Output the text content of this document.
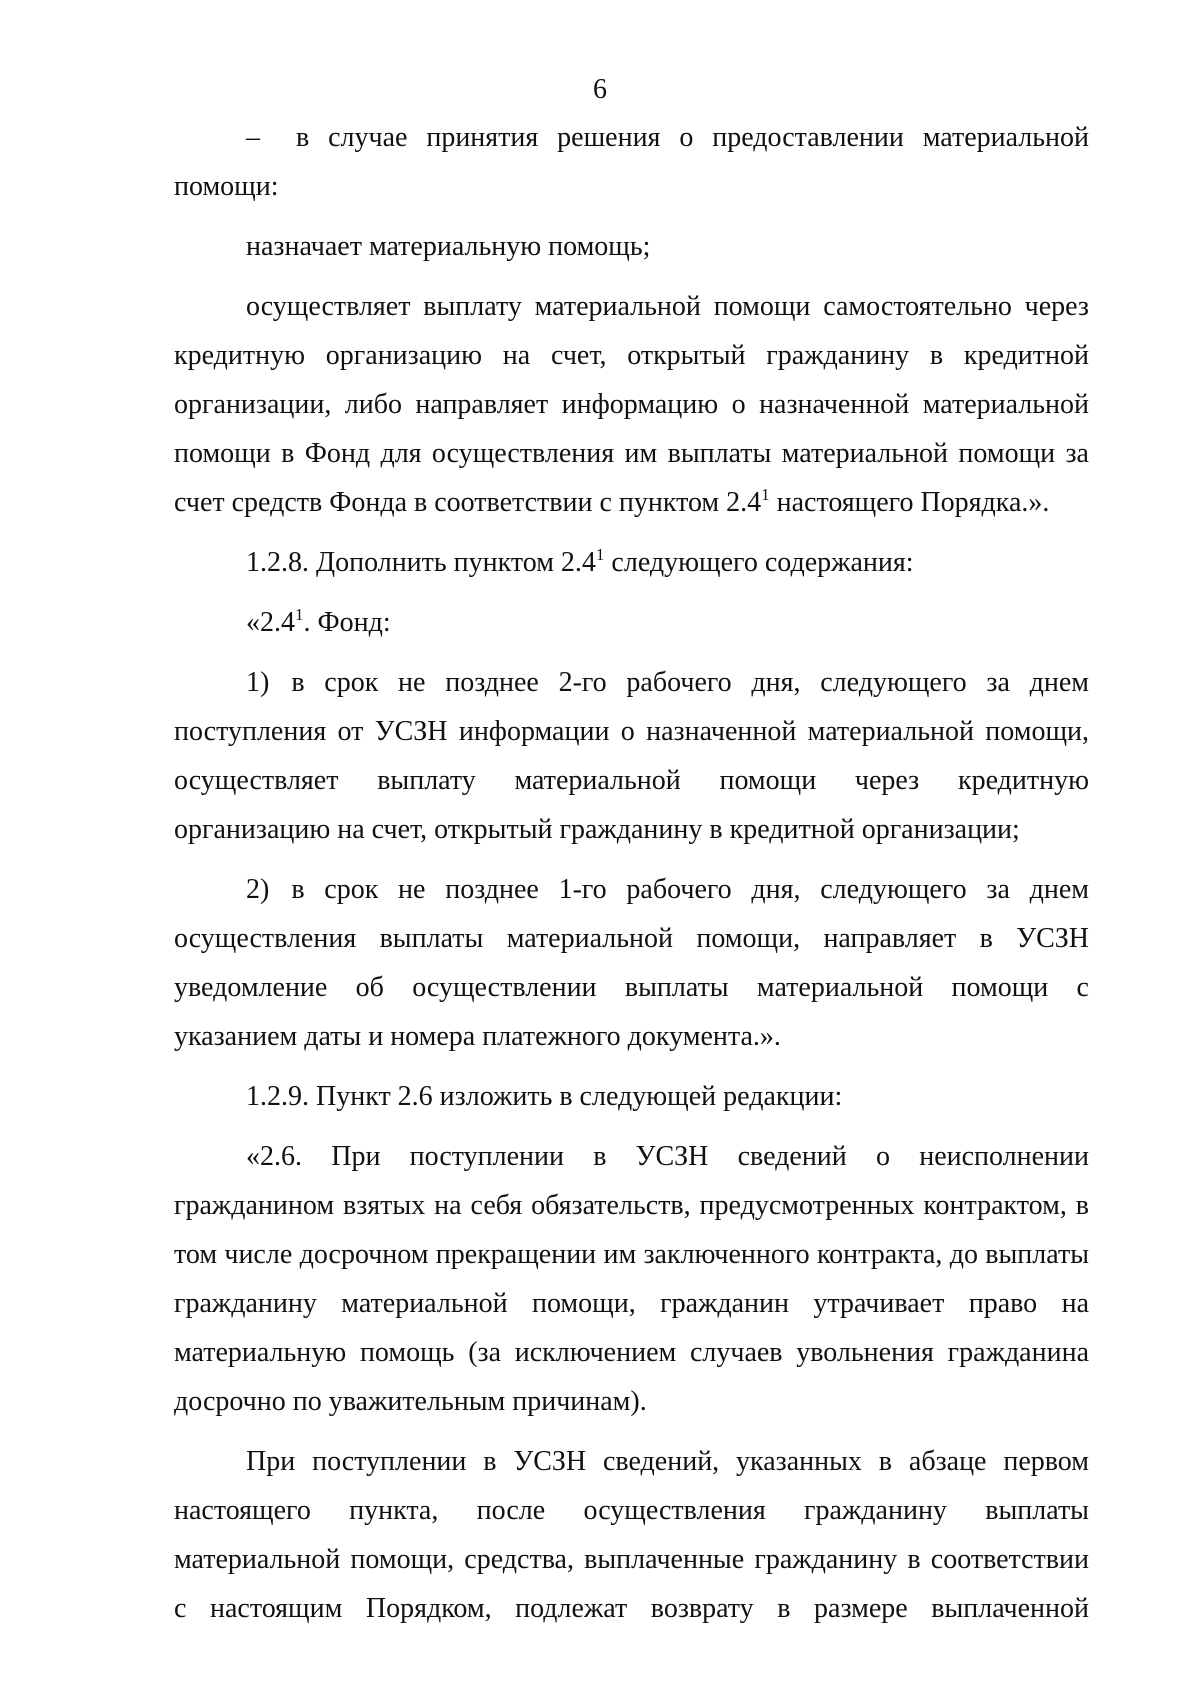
6

– в случае принятия решения о предоставлении материальной помощи:

назначает материальную помощь;

осуществляет выплату материальной помощи самостоятельно через кредитную организацию на счет, открытый гражданину в кредитной организации, либо направляет информацию о назначенной материальной помощи в Фонд для осуществления им выплаты материальной помощи за счет средств Фонда в соответствии с пунктом $2.4^1$ настоящего Порядка.».

1.2.8. Дополнить пунктом $2.4^1$ следующего содержания:

«$2.4^1$. Фонд:

1) в срок не позднее 2-го рабочего дня, следующего за днем поступления от УСЗН информации о назначенной материальной помощи, осуществляет выплату материальной помощи через кредитную организацию на счет, открытый гражданину в кредитной организации;

2) в срок не позднее 1-го рабочего дня, следующего за днем осуществления выплаты материальной помощи, направляет в УСЗН уведомление об осуществлении выплаты материальной помощи с указанием даты и номера платежного документа.».

1.2.9. Пункт 2.6 изложить в следующей редакции:

«2.6. При поступлении в УСЗН сведений о неисполнении гражданином взятых на себя обязательств, предусмотренных контрактом, в том числе досрочном прекращении им заключенного контракта, до выплаты гражданину материальной помощи, гражданин утрачивает право на материальную помощь (за исключением случаев увольнения гражданина досрочно по уважительным причинам).

При поступлении в УСЗН сведений, указанных в абзаце первом настоящего пункта, после осуществления гражданину выплаты материальной помощи, средства, выплаченные гражданину в соответствии с настоящим Порядком, подлежат возврату в размере выплаченной
